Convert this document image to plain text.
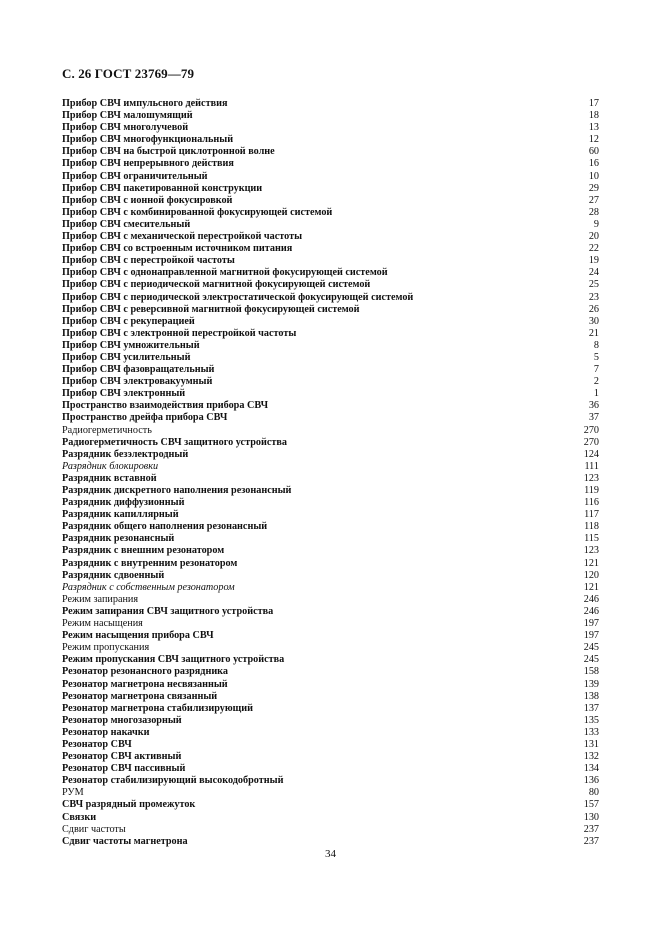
С. 26 ГОСТ 23769—79
Прибор СВЧ импульсного действия	17
Прибор СВЧ малошумящий	18
Прибор СВЧ многолучевой	13
Прибор СВЧ многофункциональный	12
Прибор СВЧ на быстрой циклотронной волне	60
Прибор СВЧ непрерывного действия	16
Прибор СВЧ ограничительный	10
Прибор СВЧ пакетированной конструкции	29
Прибор СВЧ с ионной фокусировкой	27
Прибор СВЧ с комбинированной фокусирующей системой	28
Прибор СВЧ смесительный	9
Прибор СВЧ с механической перестройкой частоты	20
Прибор СВЧ со встроенным источником питания	22
Прибор СВЧ с перестройкой частоты	19
Прибор СВЧ с однонаправленной магнитной фокусирующей системой	24
Прибор СВЧ с периодической магнитной фокусирующей системой	25
Прибор СВЧ с периодической электростатической фокусирующей системой	23
Прибор СВЧ с реверсивной магнитной фокусирующей системой	26
Прибор СВЧ с рекуперацией	30
Прибор СВЧ с электронной перестройкой частоты	21
Прибор СВЧ умножительный	8
Прибор СВЧ усилительный	5
Прибор СВЧ фазовращательный	7
Прибор СВЧ электровакуумный	2
Прибор СВЧ электронный	1
Пространство взаимодействия прибора СВЧ	36
Пространство дрейфа прибора СВЧ	37
Радиогерметичность	270
Радиогерметичность СВЧ защитного устройства	270
Разрядник безэлектродный	124
Разрядник блокировки	111
Разрядник вставной	123
Разрядник дискретного наполнения резонансный	119
Разрядник диффузионный	116
Разрядник капиллярный	117
Разрядник общего наполнения резонансный	118
Разрядник резонансный	115
Разрядник с внешним резонатором	123
Разрядник с внутренним резонатором	121
Разрядник сдвоенный	120
Разрядник с собственным резонатором	121
Режим запирания	246
Режим запирания СВЧ защитного устройства	246
Режим насыщения	197
Режим насыщения прибора СВЧ	197
Режим пропускания	245
Режим пропускания СВЧ защитного устройства	245
Резонатор резонансного разрядника	158
Резонатор магнетрона несвязанный	139
Резонатор магнетрона связанный	138
Резонатор магнетрона стабилизирующий	137
Резонатор многозазорный	135
Резонатор накачки	133
Резонатор СВЧ	131
Резонатор СВЧ активный	132
Резонатор СВЧ пассивный	134
Резонатор стабилизирующий высокодобротный	136
РУМ	80
СВЧ разрядный промежуток	157
Связки	130
Сдвиг частоты	237
Сдвиг частоты магнетрона	237
34
